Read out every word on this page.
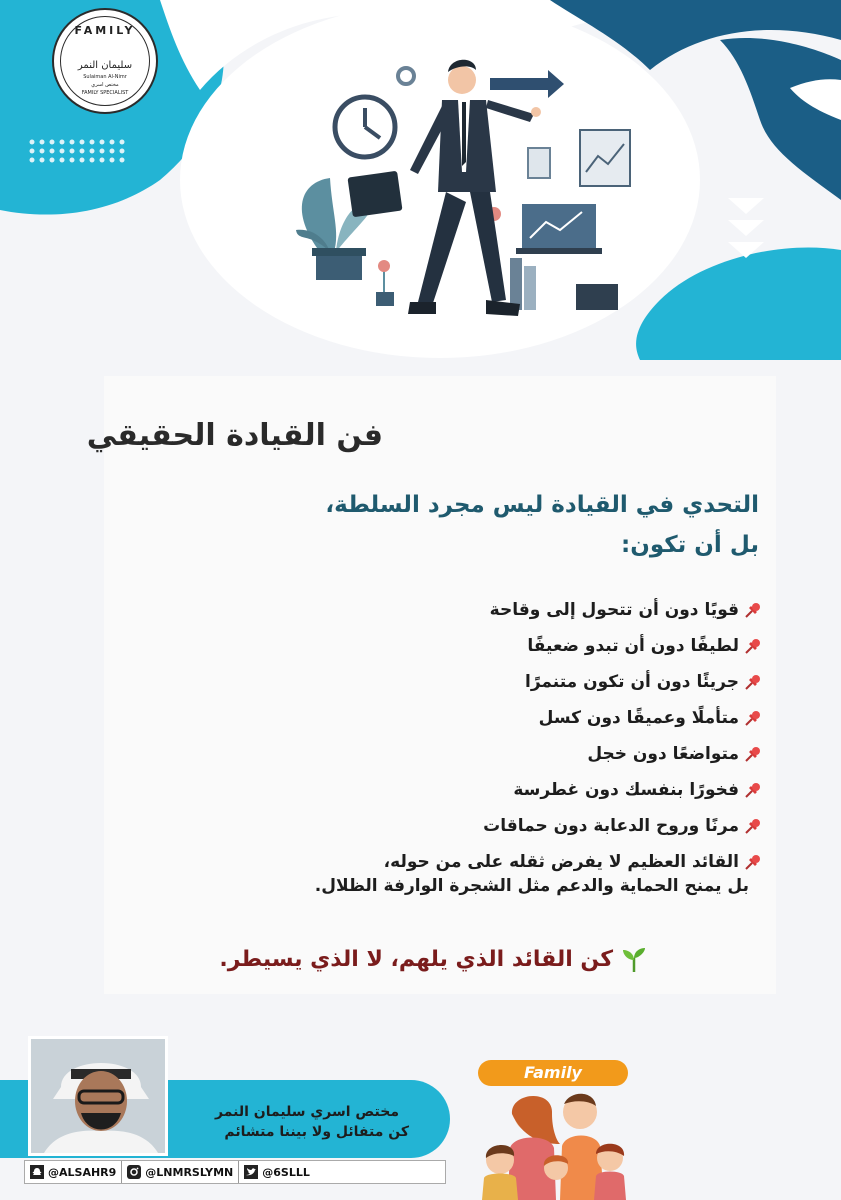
FAMILY
سليمان النمر
Sulaiman Al-Nimr
مختص اسري
FAMILY SPECIALIST
فن القيادة الحقيقي
التحدي في القيادة ليس مجرد السلطة،
بل أن تكون:
قويًا دون أن تتحول إلى وقاحة
لطيفًا دون أن تبدو ضعيفًا
جريئًا دون أن تكون متنمرًا
متأملًا وعميقًا دون كسل
متواضعًا دون خجل
فخورًا بنفسك دون غطرسة
مرنًا وروح الدعابة دون حماقات
القائد العظيم لا يفرض ثقله على من حوله،
بل يمنح الحماية والدعم مثل الشجرة الوارفة الظلال.
كن القائد الذي يلهم، لا الذي يسيطر.
مختص اسري سليمان النمر
كن متفائل ولا بيننا متشائم
@ALSAHR9	@LNMRSLYMN	@6SLLL
Family
